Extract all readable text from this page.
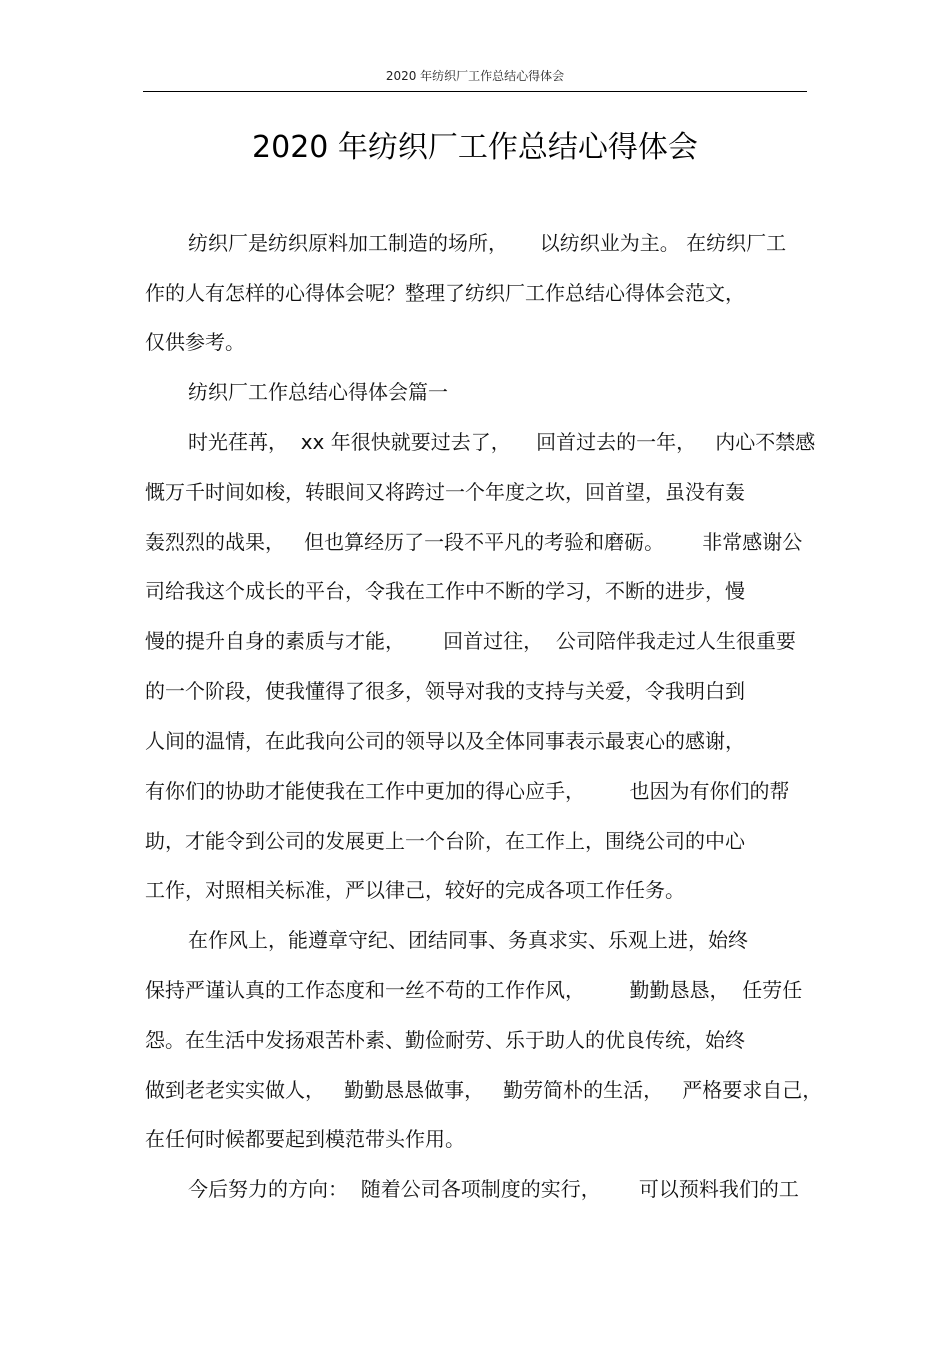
2020 年纺织厂工作总结心得体会
2020 年纺织厂工作总结心得体会
纺织厂是纺织原料加工制造的场所，     以纺织业为主。 在纺织厂工
作的人有怎样的心得体会呢？整理了纺织厂工作总结心得体会范文，
仅供参考。
纺织厂工作总结心得体会篇一
时光荏苒，  xx 年很快就要过去了，    回首过去的一年，   内心不禁感
慨万千时间如梭，转眼间又将跨过一个年度之坎，回首望，虽没有轰
轰烈烈的战果，   但也算经历了一段不平凡的考验和磨砺。      非常感谢公
司给我这个成长的平台，令我在工作中不断的学习，不断的进步，慢
慢的提升自身的素质与才能，      回首过往，  公司陪伴我走过人生很重要
的一个阶段，使我懂得了很多，领导对我的支持与关爱，令我明白到
人间的温情，在此我向公司的领导以及全体同事表示最衷心的感谢，
有你们的协助才能使我在工作中更加的得心应手，       也因为有你们的帮
助，才能令到公司的发展更上一个台阶，在工作上，围绕公司的中心
工作，对照相关标准，严以律己，较好的完成各项工作任务。
在作风上，能遵章守纪、团结同事、务真求实、乐观上进，始终
保持严谨认真的工作态度和一丝不苟的工作作风，       勤勤恳恳，  任劳任
怨。在生活中发扬艰苦朴素、勤俭耐劳、乐于助人的优良传统，始终
做到老老实实做人，   勤勤恳恳做事，   勤劳简朴的生活，   严格要求自己，
在任何时候都要起到模范带头作用。
今后努力的方向：  随着公司各项制度的实行，      可以预料我们的工
